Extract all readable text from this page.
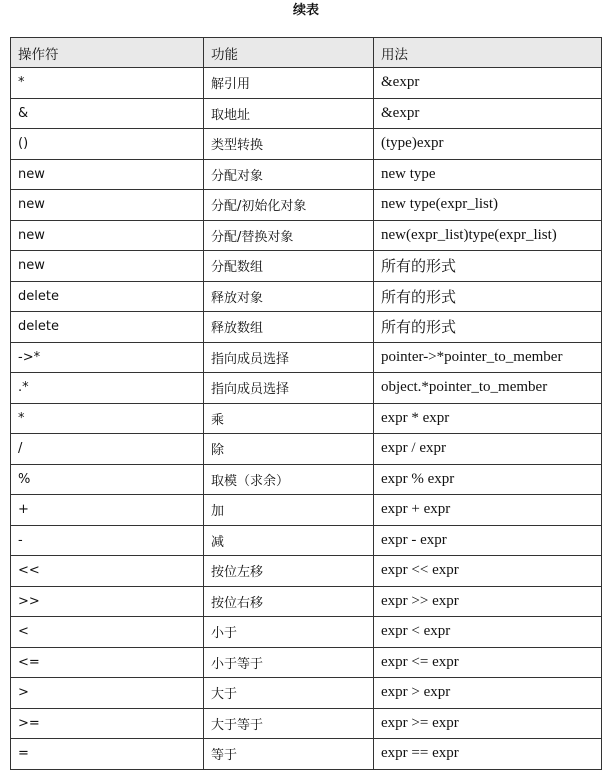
续表
操作符	功能	用法
*	解引用	&expr
&	取地址	&expr
()	类型转换	(type)expr
new	分配对象	new type
new	分配/初始化对象	new type(expr_list)
new	分配/替换对象	new(expr_list)type(expr_list)
new	分配数组	所有的形式
delete	释放对象	所有的形式
delete	释放数组	所有的形式
->*	指向成员选择	pointer->*pointer_to_member
.*	指向成员选择	object.*pointer_to_member
*	乘	expr * expr
/	除	expr / expr
%	取模（求余）	expr % expr
+	加	expr + expr
-	减	expr - expr
<<	按位左移	expr << expr
>>	按位右移	expr >> expr
<	小于	expr < expr
<=	小于等于	expr <= expr
>	大于	expr > expr
>=	大于等于	expr >= expr
=	等于	expr == expr
